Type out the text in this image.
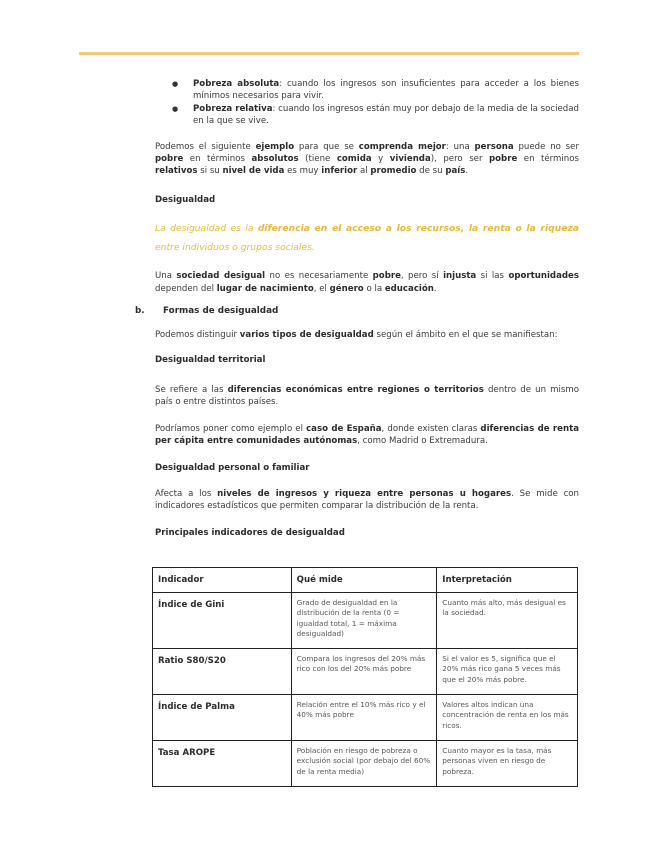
● Pobreza absoluta: cuando los ingresos son insuficientes para acceder a los bienes mínimos necesarios para vivir.
● Pobreza relativa: cuando los ingresos están muy por debajo de la media de la sociedad en la que se vive.

Podemos el siguiente ejemplo para que se comprenda mejor: una persona puede no ser pobre en términos absolutos (tiene comida y vivienda), pero ser pobre en términos relativos si su nivel de vida es muy inferior al promedio de su país.

Desigualdad

La desigualdad es la diferencia en el acceso a los recursos, la renta o la riqueza entre individuos o grupos sociales.

Una sociedad desigual no es necesariamente pobre, pero sí injusta si las oportunidades dependen del lugar de nacimiento, el género o la educación.

Podemos distinguir varios tipos de desigualdad según el ámbito en el que se manifiestan:

Desigualdad territorial

Se refiere a las diferencias económicas entre regiones o territorios dentro de un mismo país o entre distintos países.

Podríamos poner como ejemplo el caso de España, donde existen claras diferencias de renta per cápita entre comunidades autónomas, como Madrid o Extremadura.

Desigualdad personal o familiar

Afecta a los niveles de ingresos y riqueza entre personas u hogares. Se mide con indicadores estadísticos que permiten comparar la distribución de la renta.

Principales indicadores de desigualdad
b.      Formas de desigualdad
Indicador	Qué mide	Interpretación
Índice de Gini	Grado de desigualdad en la distribución de la renta (0 = igualdad total, 1 = máxima desigualdad)	Cuanto más alto, más desigual es la sociedad.
Ratio S80/S20	Compara los ingresos del 20% más rico con los del 20% más pobre	Si el valor es 5, significa que el 20% más rico gana 5 veces más que el 20% más pobre.
Índice de Palma	Relación entre el 10% más rico y el 40% más pobre	Valores altos indican una concentración de renta en los más ricos.
Tasa AROPE	Población en riesgo de pobreza o exclusión social (por debajo del 60% de la renta media)	Cuanto mayor es la tasa, más personas viven en riesgo de pobreza.
